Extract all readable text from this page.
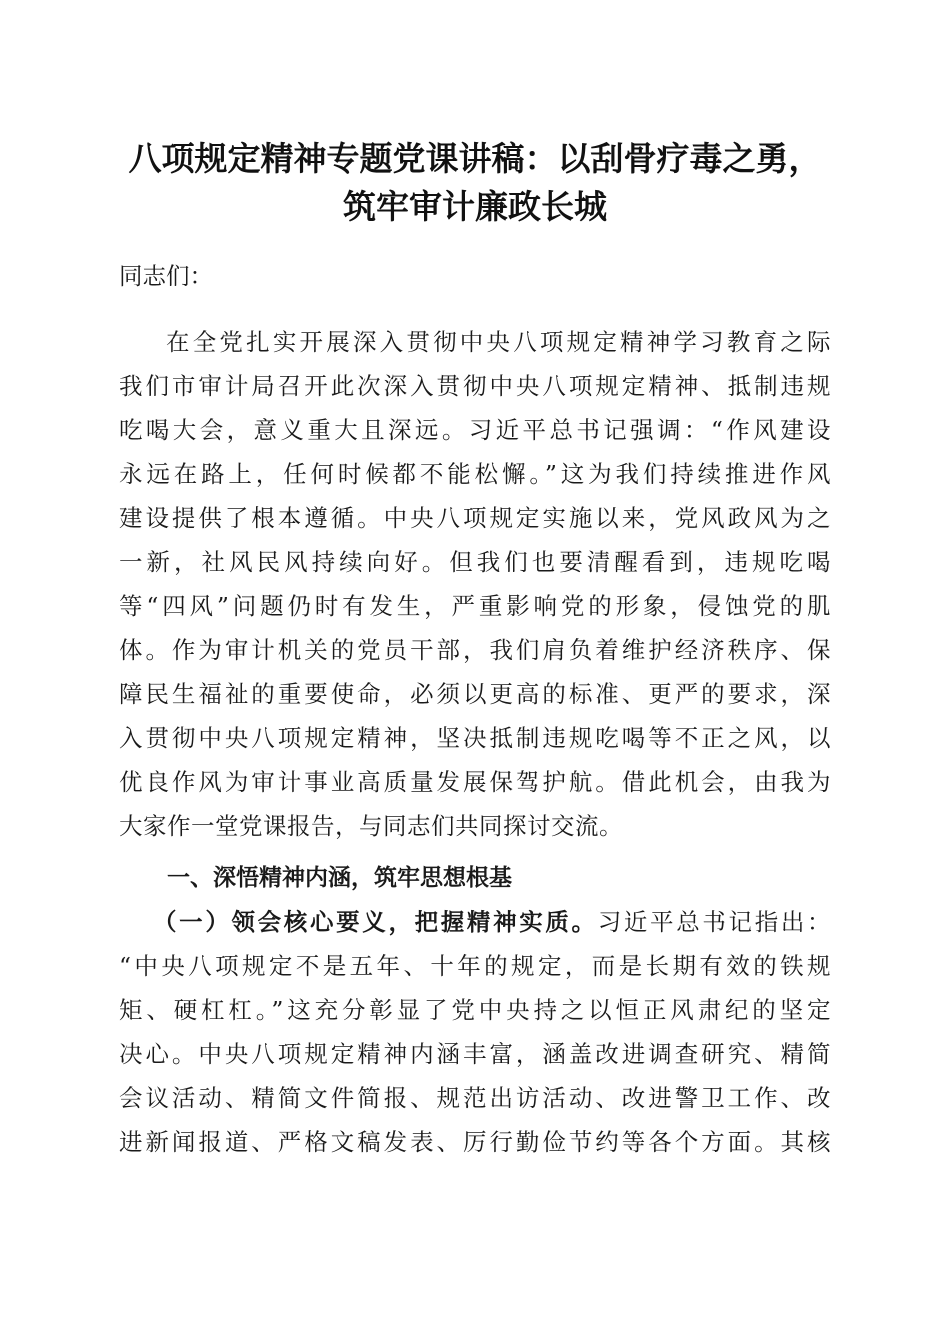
八项规定精神专题党课讲稿：以刮骨疗毒之勇，
筑牢审计廉政长城
同志们：
在全党扎实开展深入贯彻中央八项规定精神学习教育之际
我们市审计局召开此次深入贯彻中央八项规定精神、抵制违规
吃喝大会，意义重大且深远。习近平总书记强调：“作风建设
永远在路上，任何时候都不能松懈。”这为我们持续推进作风
建设提供了根本遵循。中央八项规定实施以来，党风政风为之
一新，社风民风持续向好。但我们也要清醒看到，违规吃喝
等“四风”问题仍时有发生，严重影响党的形象，侵蚀党的肌
体。作为审计机关的党员干部，我们肩负着维护经济秩序、保
障民生福祉的重要使命，必须以更高的标准、更严的要求，深
入贯彻中央八项规定精神，坚决抵制违规吃喝等不正之风，以
优良作风为审计事业高质量发展保驾护航。借此机会，由我为
大家作一堂党课报告，与同志们共同探讨交流。
一、深悟精神内涵，筑牢思想根基
（一）领会核心要义，把握精神实质。习近平总书记指出：
“中央八项规定不是五年、十年的规定，而是长期有效的铁规
矩、硬杠杠。”这充分彰显了党中央持之以恒正风肃纪的坚定
决心。中央八项规定精神内涵丰富，涵盖改进调查研究、精简
会议活动、精简文件简报、规范出访活动、改进警卫工作、改
进新闻报道、严格文稿发表、厉行勤俭节约等各个方面。其核
